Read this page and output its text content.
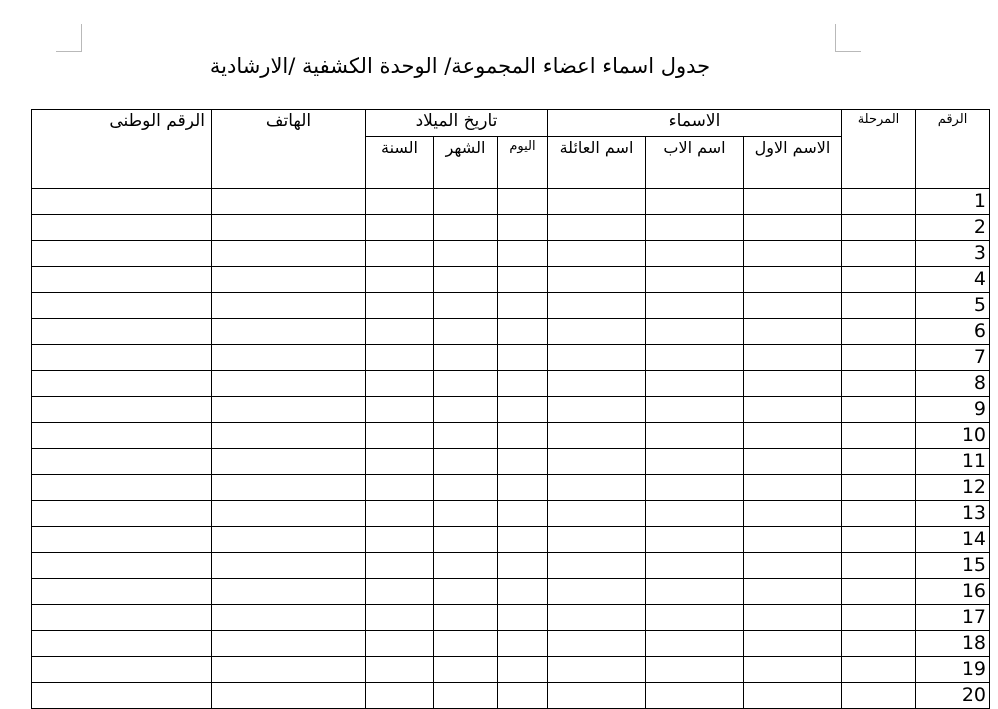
جدول اسماء اعضاء المجموعة/ الوحدة الكشفية /الارشادية
الرقم	المرحلة	الاسماء			تاريخ الميلاد			الهاتف	الرقم الوطنى
		الاسم الاول	اسم الاب	اسم العائلة	اليوم	الشهر	السنة		
1									
2									
3									
4									
5									
6									
7									
8									
9									
10									
11									
12									
13									
14									
15									
16									
17									
18									
19									
20									
